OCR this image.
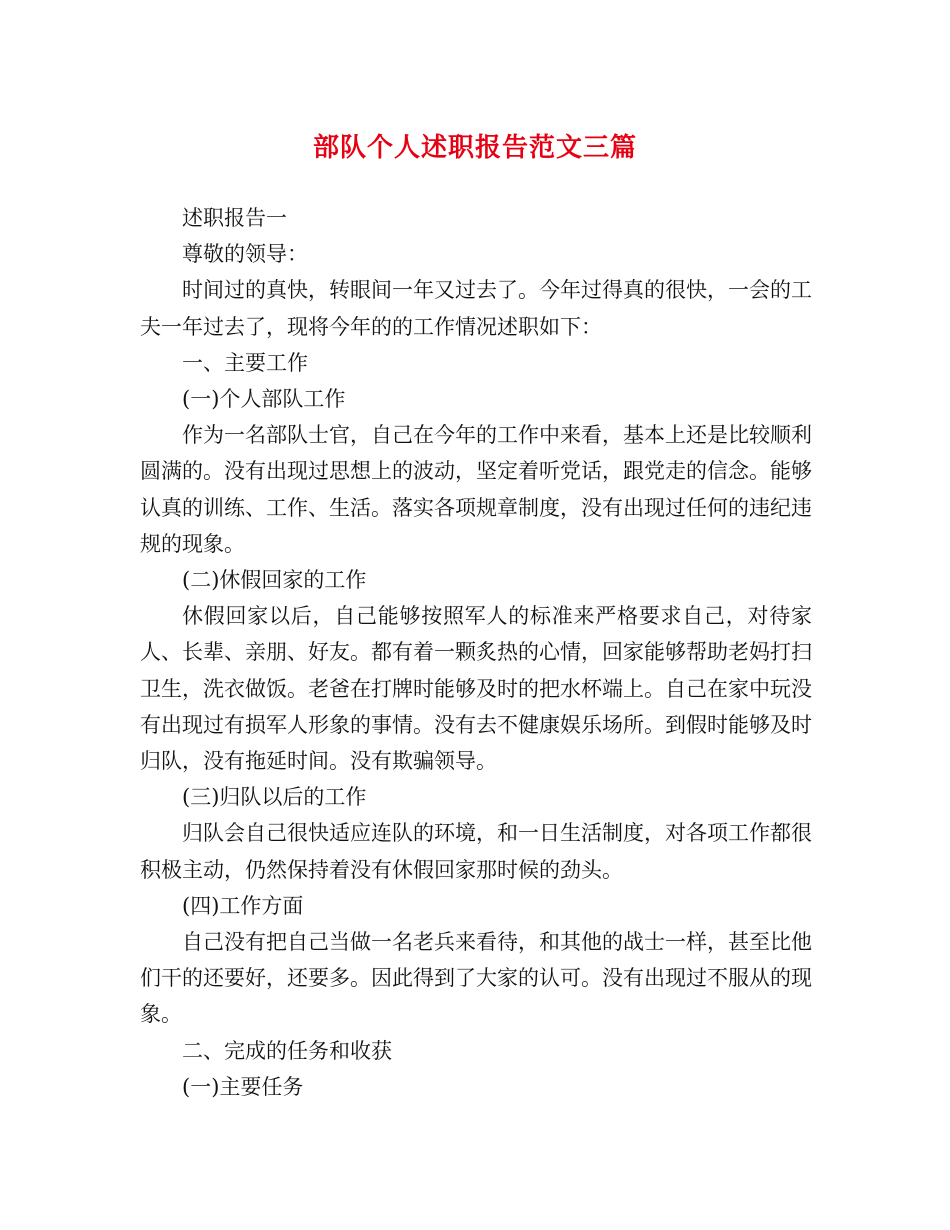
部队个人述职报告范文三篇

述职报告一

尊敬的领导：

时间过的真快，转眼间一年又过去了。今年过得真的很快，一会的工夫一年过去了，现将今年的的工作情况述职如下：

一、主要工作

(一)个人部队工作

作为一名部队士官，自己在今年的工作中来看，基本上还是比较顺利圆满的。没有出现过思想上的波动，坚定着听党话，跟党走的信念。能够认真的训练、工作、生活。落实各项规章制度，没有出现过任何的违纪违规的现象。

(二)休假回家的工作

休假回家以后，自己能够按照军人的标准来严格要求自己，对待家人、长辈、亲朋、好友。都有着一颗炙热的心情，回家能够帮助老妈打扫卫生，洗衣做饭。老爸在打牌时能够及时的把水杯端上。自己在家中玩没有出现过有损军人形象的事情。没有去不健康娱乐场所。到假时能够及时归队，没有拖延时间。没有欺骗领导。

(三)归队以后的工作

归队会自己很快适应连队的环境，和一日生活制度，对各项工作都很积极主动，仍然保持着没有休假回家那时候的劲头。

(四)工作方面

自己没有把自己当做一名老兵来看待，和其他的战士一样，甚至比他们干的还要好，还要多。因此得到了大家的认可。没有出现过不服从的现象。

二、完成的任务和收获

(一)主要任务
